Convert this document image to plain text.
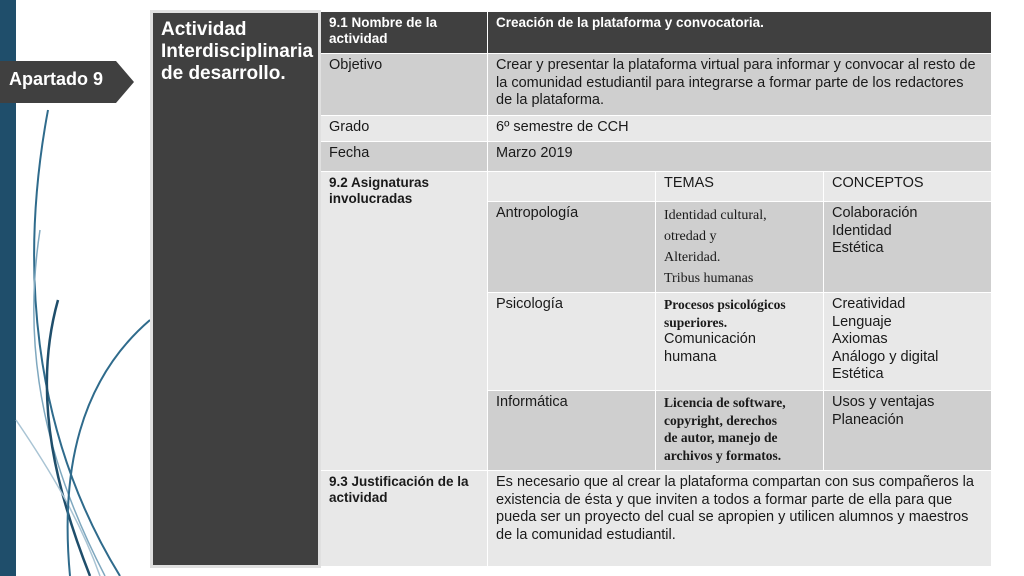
Apartado 9
Actividad Interdisciplinaria de desarrollo.	9.1 Nombre de la actividad	Creación de la plataforma y convocatoria.		
	Objetivo	Crear y presentar la plataforma virtual para informar y convocar al resto de la comunidad estudiantil para integrarse a formar parte de los redactores de la plataforma.		
	Grado	6º semestre de CCH		
	Fecha	Marzo 2019		
	9.2 Asignaturas involucradas		TEMAS	CONCEPTOS
		Antropología	Identidad cultural,
otredad y
Alteridad.
Tribus humanas	Colaboración
Identidad
Estética

		Psicología	Procesos psicológicos
superiores.
Comunicación
humana	Creatividad
Lenguaje
Axiomas
Análogo y digital
Estética

		Informática	Licencia de software,
copyright, derechos
de autor, manejo de
archivos y formatos.	Usos y ventajas
Planeación

	9.3 Justificación de la actividad	Es necesario que al crear la plataforma compartan con sus compañeros la existencia de ésta y que inviten a todos a formar parte de ella para que pueda ser un proyecto del cual se apropien y utilicen alumnos y maestros de la comunidad estudiantil.		
